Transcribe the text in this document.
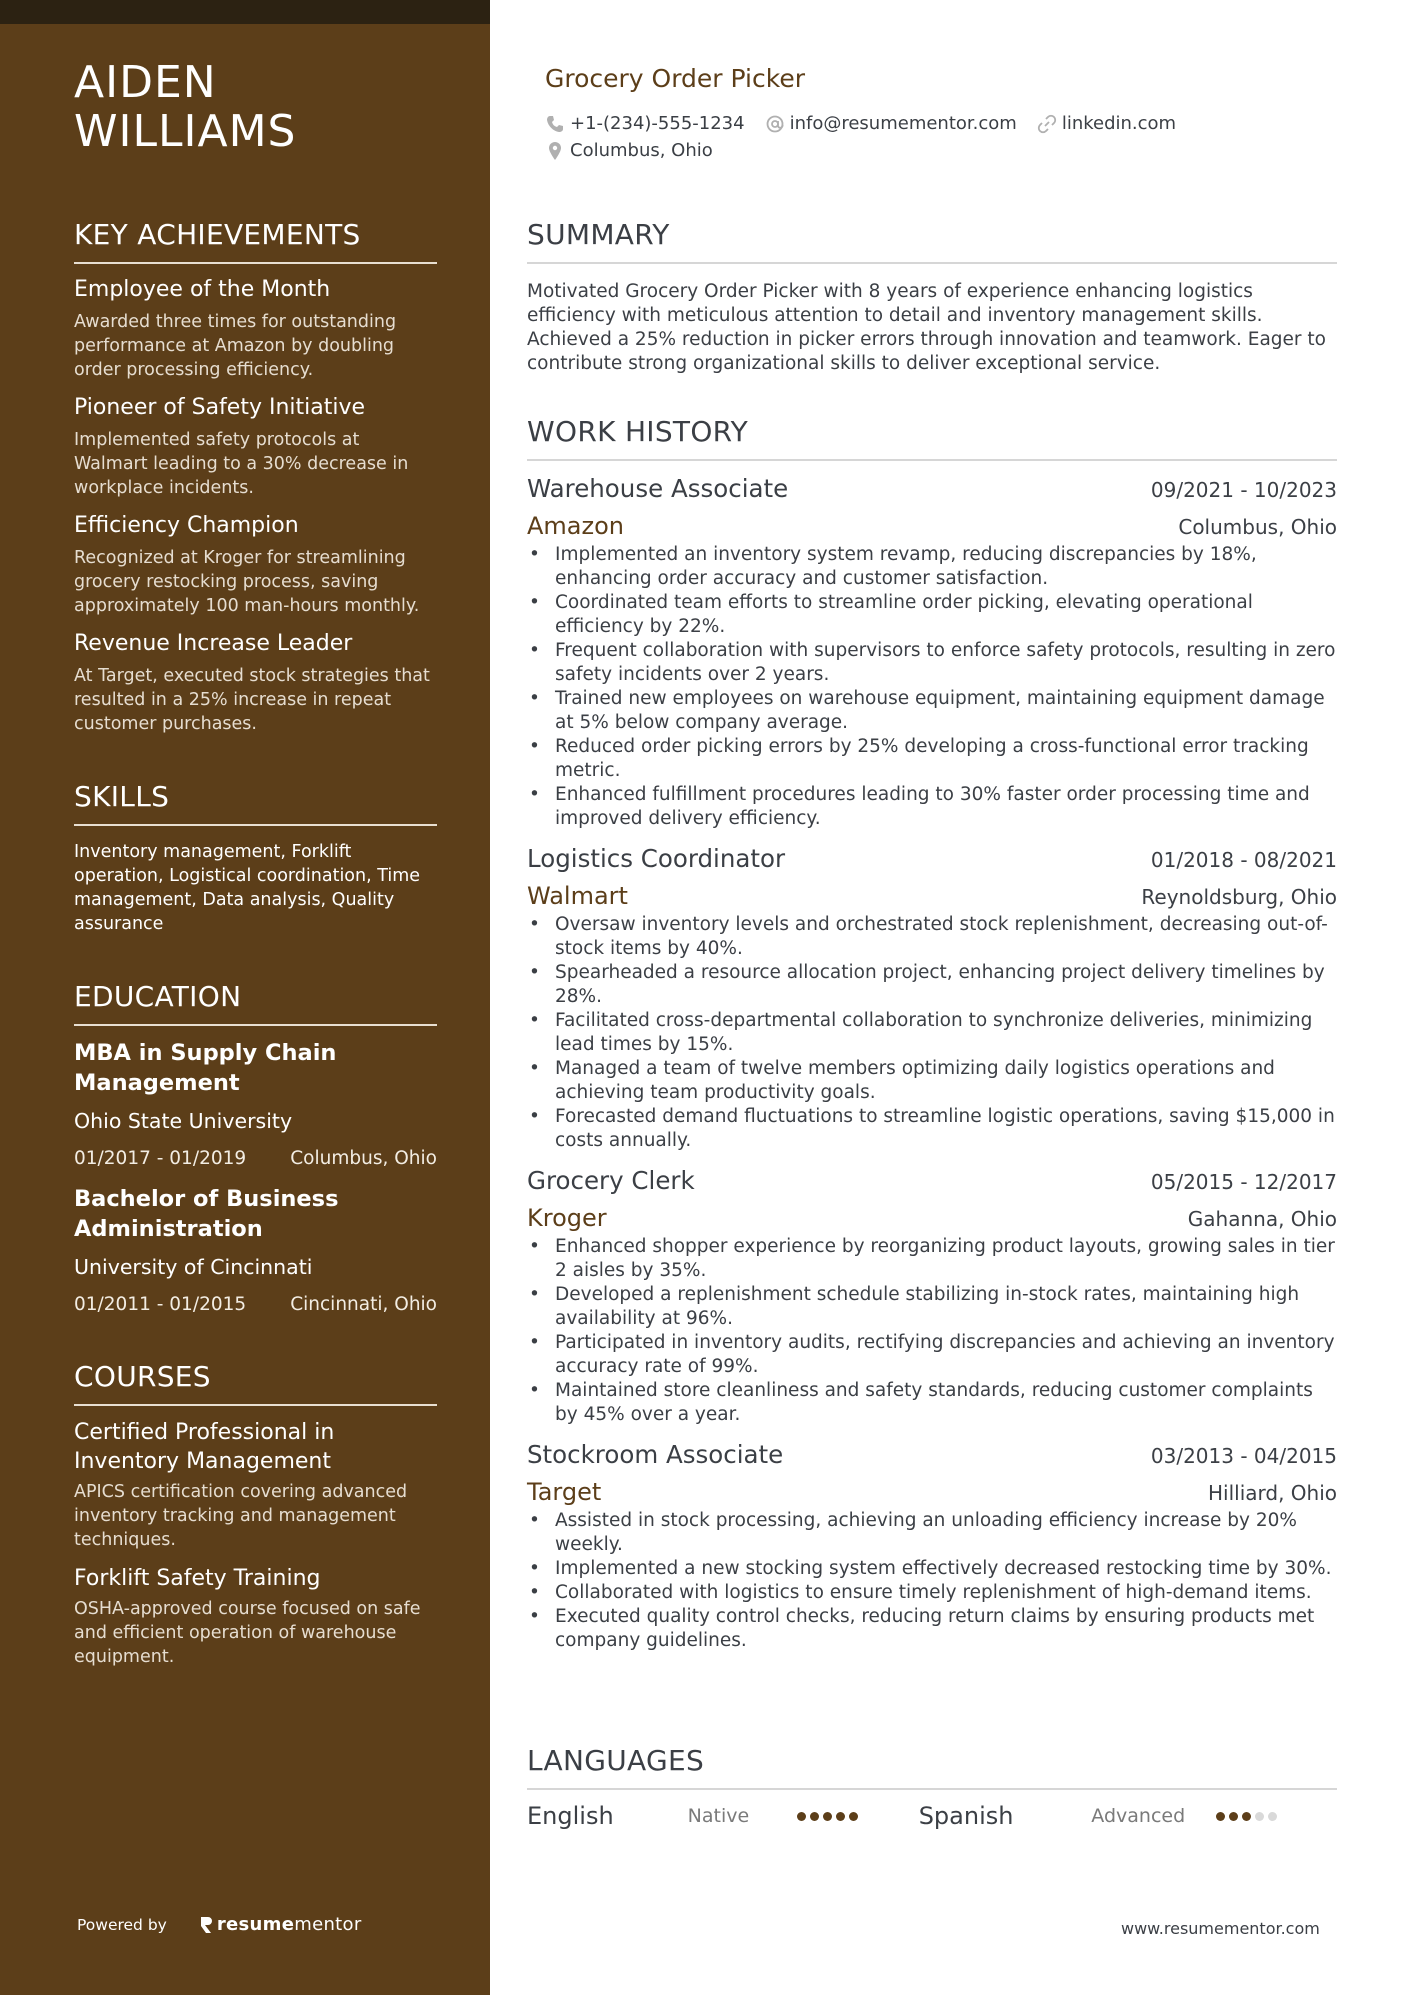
AIDEN
WILLIAMS
KEY ACHIEVEMENTS
Employee of the Month
Awarded three times for outstanding performance at Amazon by doubling order processing efficiency.
Pioneer of Safety Initiative
Implemented safety protocols at Walmart leading to a 30% decrease in workplace incidents.
Efficiency Champion
Recognized at Kroger for streamlining grocery restocking process, saving approximately 100 man-hours monthly.
Revenue Increase Leader
At Target, executed stock strategies that resulted in a 25% increase in repeat customer purchases.
SKILLS
Inventory management, Forklift operation, Logistical coordination, Time management, Data analysis, Quality assurance
EDUCATION
MBA in Supply Chain Management
Ohio State University
01/2017 - 01/2019 Columbus, Ohio
Bachelor of Business Administration
University of Cincinnati
01/2011 - 01/2015 Cincinnati, Ohio
COURSES
Certified Professional in Inventory Management
APICS certification covering advanced inventory tracking and management techniques.
Forklift Safety Training
OSHA-approved course focused on safe and efficient operation of warehouse equipment.
Powered by	resume mentor
Grocery Order Picker
+1-(234)-555-1234	info@resumementor.com	linkedin.com
Columbus, Ohio
SUMMARY
Motivated Grocery Order Picker with 8 years of experience enhancing logistics efficiency with meticulous attention to detail and inventory management skills. Achieved a 25% reduction in picker errors through innovation and teamwork. Eager to contribute strong organizational skills to deliver exceptional service.
WORK HISTORY
Warehouse Associate	09/2021 - 10/2023
Amazon	Columbus, Ohio
• Implemented an inventory system revamp, reducing discrepancies by 18%, enhancing order accuracy and customer satisfaction.
• Coordinated team efforts to streamline order picking, elevating operational efficiency by 22%.
• Frequent collaboration with supervisors to enforce safety protocols, resulting in zero safety incidents over 2 years.
• Trained new employees on warehouse equipment, maintaining equipment damage at 5% below company average.
• Reduced order picking errors by 25% developing a cross-functional error tracking metric.
• Enhanced fulfillment procedures leading to 30% faster order processing time and improved delivery efficiency.
Logistics Coordinator	01/2018 - 08/2021
Walmart	Reynoldsburg, Ohio
• Oversaw inventory levels and orchestrated stock replenishment, decreasing out-of-stock items by 40%.
• Spearheaded a resource allocation project, enhancing project delivery timelines by 28%.
• Facilitated cross-departmental collaboration to synchronize deliveries, minimizing lead times by 15%.
• Managed a team of twelve members optimizing daily logistics operations and achieving team productivity goals.
• Forecasted demand fluctuations to streamline logistic operations, saving $15,000 in costs annually.
Grocery Clerk	05/2015 - 12/2017
Kroger	Gahanna, Ohio
• Enhanced shopper experience by reorganizing product layouts, growing sales in tier 2 aisles by 35%.
• Developed a replenishment schedule stabilizing in-stock rates, maintaining high availability at 96%.
• Participated in inventory audits, rectifying discrepancies and achieving an inventory accuracy rate of 99%.
• Maintained store cleanliness and safety standards, reducing customer complaints by 45% over a year.
Stockroom Associate	03/2013 - 04/2015
Target	Hilliard, Ohio
• Assisted in stock processing, achieving an unloading efficiency increase by 20% weekly.
• Implemented a new stocking system effectively decreased restocking time by 30%.
• Collaborated with logistics to ensure timely replenishment of high-demand items.
• Executed quality control checks, reducing return claims by ensuring products met company guidelines.
LANGUAGES
English	Native	Spanish	Advanced
www.resumementor.com
